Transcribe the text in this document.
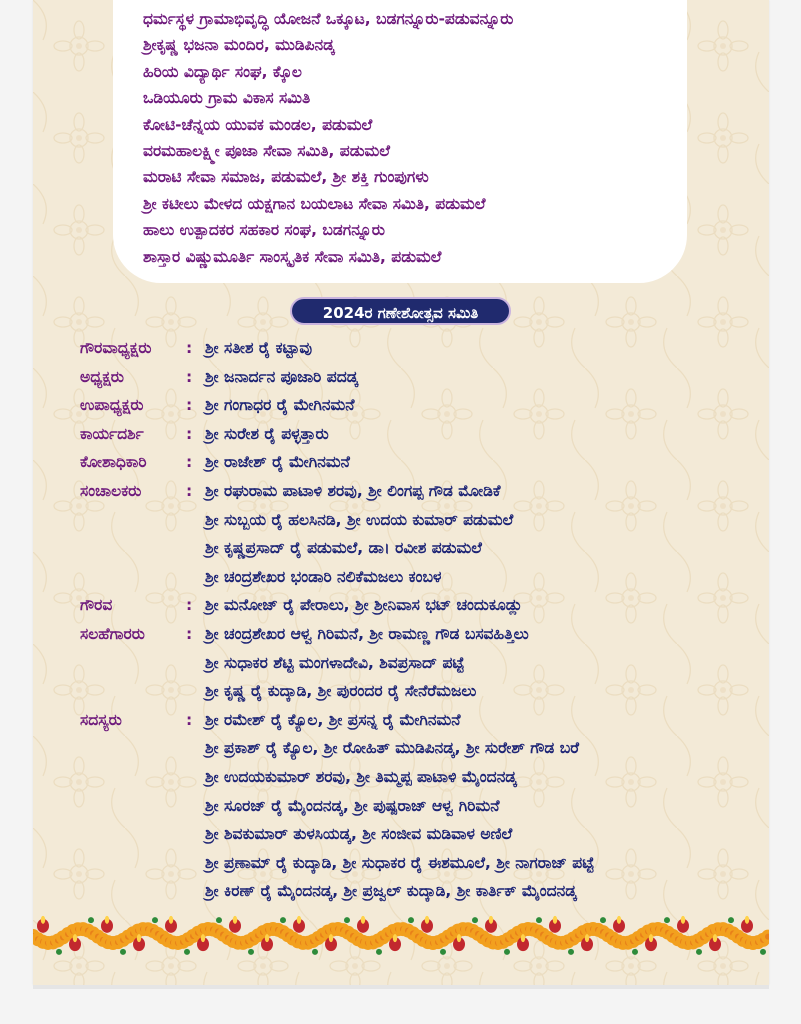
ಧರ್ಮಸ್ಥಳ ಗ್ರಾಮಾಭಿವೃದ್ಧಿ ಯೋಜನೆ ಒಕ್ಕೂಟ, ಬಡಗನ್ನೂರು-ಪಡುವನ್ನೂರು
ಶ್ರೀಕೃಷ್ಣ ಭಜನಾ ಮಂದಿರ, ಮುಡಿಪಿನಡ್ಕ
ಹಿರಿಯ ವಿದ್ಯಾರ್ಥಿ ಸಂಘ, ಕ್ಕೊಲ
ಒಡಿಯೂರು ಗ್ರಾಮ ವಿಕಾಸ ಸಮಿತಿ
ಕೋಟಿ-ಚೆನ್ನಯ ಯುವಕ ಮಂಡಲ, ಪಡುಮಲೆ
ವರಮಹಾಲಕ್ಷ್ಮೀ ಪೂಜಾ ಸೇವಾ ಸಮಿತಿ, ಪಡುಮಲೆ
ಮರಾಟಿ ಸೇವಾ ಸಮಾಜ, ಪಡುಮಲೆ, ಶ್ರೀ ಶಕ್ತಿ ಗುಂಪುಗಳು
ಶ್ರೀ ಕಟೀಲು ಮೇಳದ ಯಕ್ಷಗಾನ ಬಯಲಾಟ ಸೇವಾ ಸಮಿತಿ, ಪಡುಮಲೆ
ಹಾಲು ಉತ್ಪಾದಕರ ಸಹಕಾರ ಸಂಘ, ಬಡಗನ್ನೂರು
ಶಾಸ್ತಾರ ವಿಷ್ಣುಮೂರ್ತಿ ಸಾಂಸ್ಕೃತಿಕ ಸೇವಾ ಸಮಿತಿ, ಪಡುಮಲೆ
2024ರ ಗಣೇಶೋತ್ಸವ ಸಮಿತಿ
ಗೌರವಾಧ್ಯಕ್ಷರು	: ಶ್ರೀ ಸತೀಶ ರೈ ಕಟ್ಟಾವು
ಅಧ್ಯಕ್ಷರು	: ಶ್ರೀ ಜನಾರ್ದನ ಪೂಜಾರಿ ಪದಡ್ಕ
ಉಪಾಧ್ಯಕ್ಷರು	: ಶ್ರೀ ಗಂಗಾಧರ ರೈ ಮೇಗಿನಮನೆ
ಕಾರ್ಯದರ್ಶಿ	: ಶ್ರೀ ಸುರೇಶ ರೈ ಪಳ್ಳತ್ತಾರು
ಕೋಶಾಧಿಕಾರಿ	: ಶ್ರೀ ರಾಜೇಶ್ ರೈ ಮೇಗಿನಮನೆ
ಸಂಚಾಲಕರು	: ಶ್ರೀ ರಘುರಾಮ ಪಾಟಾಳಿ ಶರವು, ಶ್ರೀ ಲಿಂಗಪ್ಪ ಗೌಡ ಮೋಡಿಕೆ
ಶ್ರೀ ಸುಬ್ಬಯ ರೈ ಹಲಸಿನಡಿ, ಶ್ರೀ ಉದಯ ಕುಮಾರ್ ಪಡುಮಲೆ
ಶ್ರೀ ಕೃಷ್ಣಪ್ರಸಾದ್ ರೈ ಪಡುಮಲೆ, ಡಾ। ರವೀಶ ಪಡುಮಲೆ
ಶ್ರೀ ಚಂದ್ರಶೇಖರ ಭಂಡಾರಿ ನಲಿಕೆಮಜಲು ಕಂಬಳ
ಗೌರವ	: ಶ್ರೀ ಮನೋಜ್ ರೈ ಪೇರಾಲು, ಶ್ರೀ ಶ್ರೀನಿವಾಸ ಭಟ್ ಚಂದುಕೂಡ್ಲು
ಸಲಹೆಗಾರರು	: ಶ್ರೀ ಚಂದ್ರಶೇಖರ ಆಳ್ವ ಗಿರಿಮನೆ, ಶ್ರೀ ರಾಮಣ್ಣ ಗೌಡ ಬಸವಹಿತ್ತಿಲು
ಶ್ರೀ ಸುಧಾಕರ ಶೆಟ್ಟಿ ಮಂಗಳಾದೇವಿ, ಶಿವಪ್ರಸಾದ್ ಪಟ್ಟೆ
ಶ್ರೀ ಕೃಷ್ಣ ರೈ ಕುದ್ಕಾಡಿ, ಶ್ರೀ ಪುರಂದರ ರೈ ಸೇನೆರೆಮಜಲು
ಸದಸ್ಯರು	: ಶ್ರೀ ರಮೇಶ್ ರೈ ಕ್ಯೊಲ, ಶ್ರೀ ಪ್ರಸನ್ನ ರೈ ಮೇಗಿನಮನೆ
ಶ್ರೀ ಪ್ರಕಾಶ್ ರೈ ಕ್ಯೊಲ, ಶ್ರೀ ರೋಹಿತ್ ಮುಡಿಪಿನಡ್ಕ, ಶ್ರೀ ಸುರೇಶ್ ಗೌಡ ಬರೆ
ಶ್ರೀ ಉದಯಕುಮಾರ್ ಶರವು, ಶ್ರೀ ತಿಮ್ಮಪ್ಪ ಪಾಟಾಳಿ ಮೈಂದನಡ್ಕ
ಶ್ರೀ ಸೂರಜ್ ರೈ ಮೈಂದನಡ್ಕ, ಶ್ರೀ ಪುಷ್ಪರಾಜ್ ಆಳ್ವ ಗಿರಿಮನೆ
ಶ್ರೀ ಶಿವಕುಮಾರ್ ತುಳಸಿಯಡ್ಕ, ಶ್ರೀ ಸಂಜೀವ ಮಡಿವಾಳ ಅಣಿಲೆ
ಶ್ರೀ ಪ್ರಣಾಮ್ ರೈ ಕುದ್ಕಾಡಿ, ಶ್ರೀ ಸುಧಾಕರ ರೈ ಈಶಮೂಲೆ, ಶ್ರೀ ನಾಗರಾಜ್ ಪಟ್ಟೆ
ಶ್ರೀ ಕಿರಣ್ ರೈ ಮೈಂದನಡ್ಕ, ಶ್ರೀ ಪ್ರಜ್ವಲ್ ಕುದ್ಕಾಡಿ, ಶ್ರೀ ಕಾರ್ತಿಕ್ ಮೈಂದನಡ್ಕ
